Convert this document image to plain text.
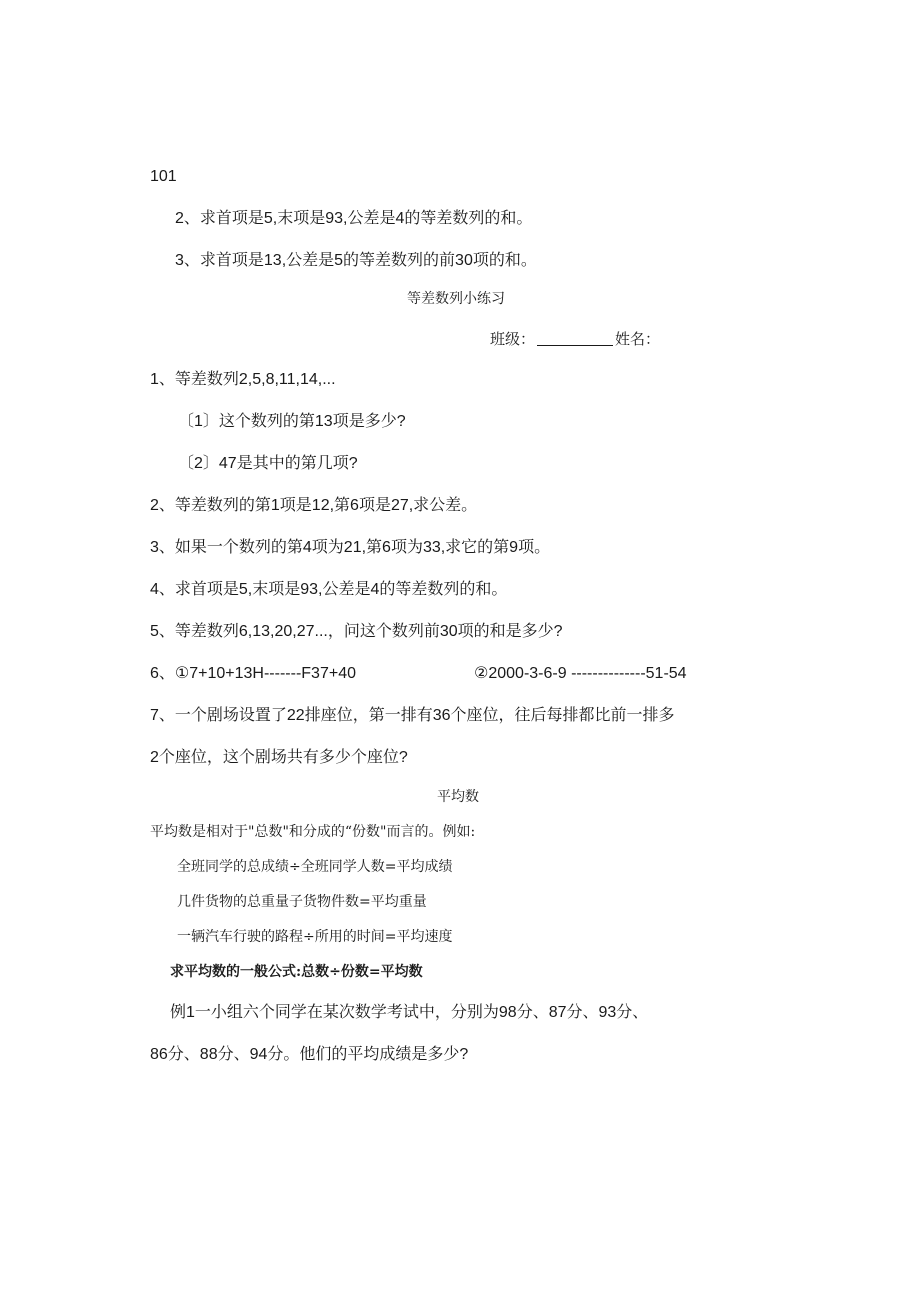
101
2、求首项是5,末项是93,公差是4的等差数列的和。
3、求首项是13,公差是5的等差数列的前30项的和。
等差数列小练习
班级：	姓名：
1、等差数列2,5,8,11,14,...
〔1〕这个数列的第13项是多少?
〔2〕47是其中的第几项?
2、等差数列的第1项是12,第6项是27,求公差。
3、如果一个数列的第4项为21,第6项为33,求它的第9项。
4、求首项是5,末项是93,公差是4的等差数列的和。
5、等差数列6,13,20,27...，问这个数列前30项的和是多少?
6、①7+10+13H-------F37+40	②2000-3-6-9 --------------51-54
7、一个剧场设置了22排座位，第一排有36个座位，往后每排都比前一排多
2个座位，这个剧场共有多少个座位?
平均数
平均数是相对于"总数"和分成的“份数"而言的。例如:
全班同学的总成绩÷全班同学人数=平均成绩
几件货物的总重量子货物件数=平均重量
一辆汽车行驶的路程÷所用的时间=平均速度
求平均数的一般公式:总数÷份数=平均数
例1一小组六个同学在某次数学考试中，分别为98分、87分、93分、
86分、88分、94分。他们的平均成绩是多少?
